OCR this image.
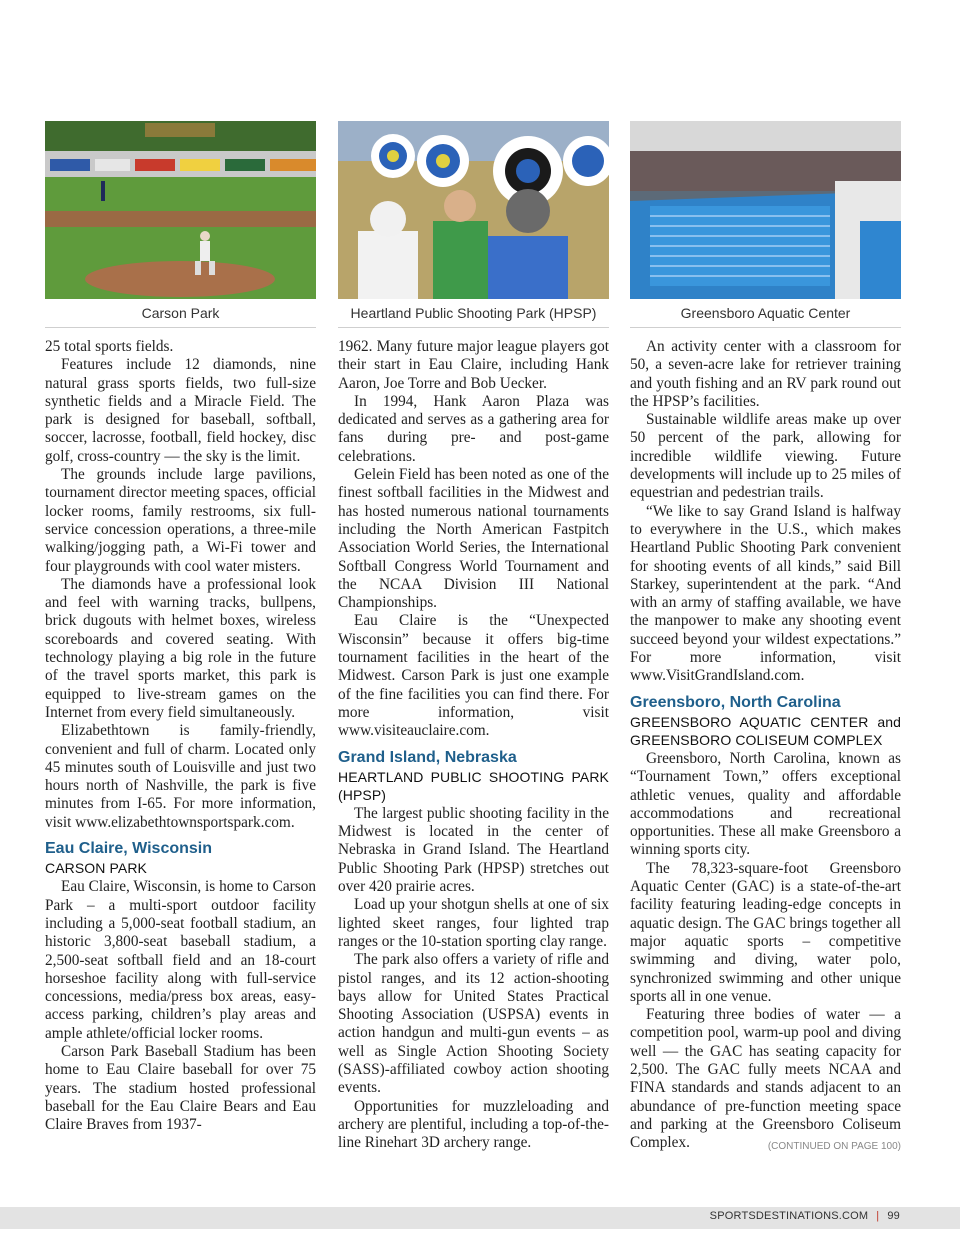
Carson Park

25 total sports fields.

Features include 12 diamonds, nine natural grass sports fields, two full-size synthetic fields and a Miracle Field. The park is designed for baseball, softball, soccer, lacrosse, football, field hockey, disc golf, cross-country — the sky is the limit.

The grounds include large pavilions, tournament director meeting spaces, official locker rooms, family restrooms, six full-service concession operations, a three-mile walking/jogging path, a Wi-Fi tower and four playgrounds with cool water misters.

The diamonds have a professional look and feel with warning tracks, bullpens, brick dugouts with helmet boxes, wireless scoreboards and covered seating. With technology playing a big role in the future of the travel sports market, this park is equipped to live-stream games on the Internet from every field simultaneously.

Elizabethtown is family-friendly, convenient and full of charm. Located only 45 minutes south of Louisville and just two hours north of Nashville, the park is five minutes from I-65. For more information, visit www.elizabethtownsportspark.com.

Eau Claire, Wisconsin
CARSON PARK

Eau Claire, Wisconsin, is home to Carson Park – a multi-sport outdoor facility including a 5,000-seat football stadium, an historic 3,800-seat baseball stadium, a 2,500-seat softball field and an 18-court horseshoe facility along with full-service concessions, media/press box areas, easy-access parking, children’s play areas and ample athlete/official locker rooms.

Carson Park Baseball Stadium has been home to Eau Claire baseball for over 75 years. The stadium hosted professional baseball for the Eau Claire Bears and Eau Claire Braves from 1937-

Heartland Public Shooting Park (HPSP)

1962. Many future major league players got their start in Eau Claire, including Hank Aaron, Joe Torre and Bob Uecker.

In 1994, Hank Aaron Plaza was dedicated and serves as a gathering area for fans during pre- and post-game celebrations.

Gelein Field has been noted as one of the finest softball facilities in the Midwest and has hosted numerous national tournaments including the North American Fastpitch Association World Series, the International Softball Congress World Tournament and the NCAA Division III National Championships.

Eau Claire is the “Unexpected Wisconsin” because it offers big-time tournament facilities in the heart of the Midwest. Carson Park is just one example of the fine facilities you can find there. For more information, visit www.visiteauclaire.com.

Grand Island, Nebraska
HEARTLAND PUBLIC SHOOTING PARK (HPSP)

The largest public shooting facility in the Midwest is located in the center of Nebraska in Grand Island. The Heartland Public Shooting Park (HPSP) stretches out over 420 prairie acres.

Load up your shotgun shells at one of six lighted skeet ranges, four lighted trap ranges or the 10-station sporting clay range.

The park also offers a variety of rifle and pistol ranges, and its 12 action-shooting bays allow for United States Practical Shooting Association (USPSA) events in action handgun and multi-gun events – as well as Single Action Shooting Society (SASS)-affiliated cowboy action shooting events.

Opportunities for muzzleloading and archery are plentiful, including a top-of-the-line Rinehart 3D archery range.

Greensboro Aquatic Center

An activity center with a classroom for 50, a seven-acre lake for retriever training and youth fishing and an RV park round out the HPSP’s facilities.

Sustainable wildlife areas make up over 50 percent of the park, allowing for incredible wildlife viewing. Future developments will include up to 25 miles of equestrian and pedestrian trails.

“We like to say Grand Island is halfway to everywhere in the U.S., which makes Heartland Public Shooting Park convenient for shooting events of all kinds,” said Bill Starkey, superintendent at the park. “And with an army of staffing available, we have the manpower to make any shooting event succeed beyond your wildest expectations.” For more information, visit www.VisitGrandIsland.com.

Greensboro, North Carolina
GREENSBORO AQUATIC CENTER and GREENSBORO COLISEUM COMPLEX

Greensboro, North Carolina, known as “Tournament Town,” offers exceptional athletic venues, quality and affordable accommodations and recreational opportunities. These all make Greensboro a winning sports city.

The 78,323-square-foot Greensboro Aquatic Center (GAC) is a state-of-the-art facility featuring leading-edge concepts in aquatic design. The GAC brings together all major aquatic sports – competitive swimming and diving, water polo, synchronized swimming and other unique sports all in one venue.

Featuring three bodies of water — a competition pool, warm-up pool and diving well — the GAC has seating capacity for 2,500. The GAC fully meets NCAA and FINA standards and stands adjacent to an abundance of pre-function meeting space and parking at the Greensboro Coliseum Complex.	(CONTINUED ON PAGE 100)

SPORTSDESTINATIONS.COM | 99
